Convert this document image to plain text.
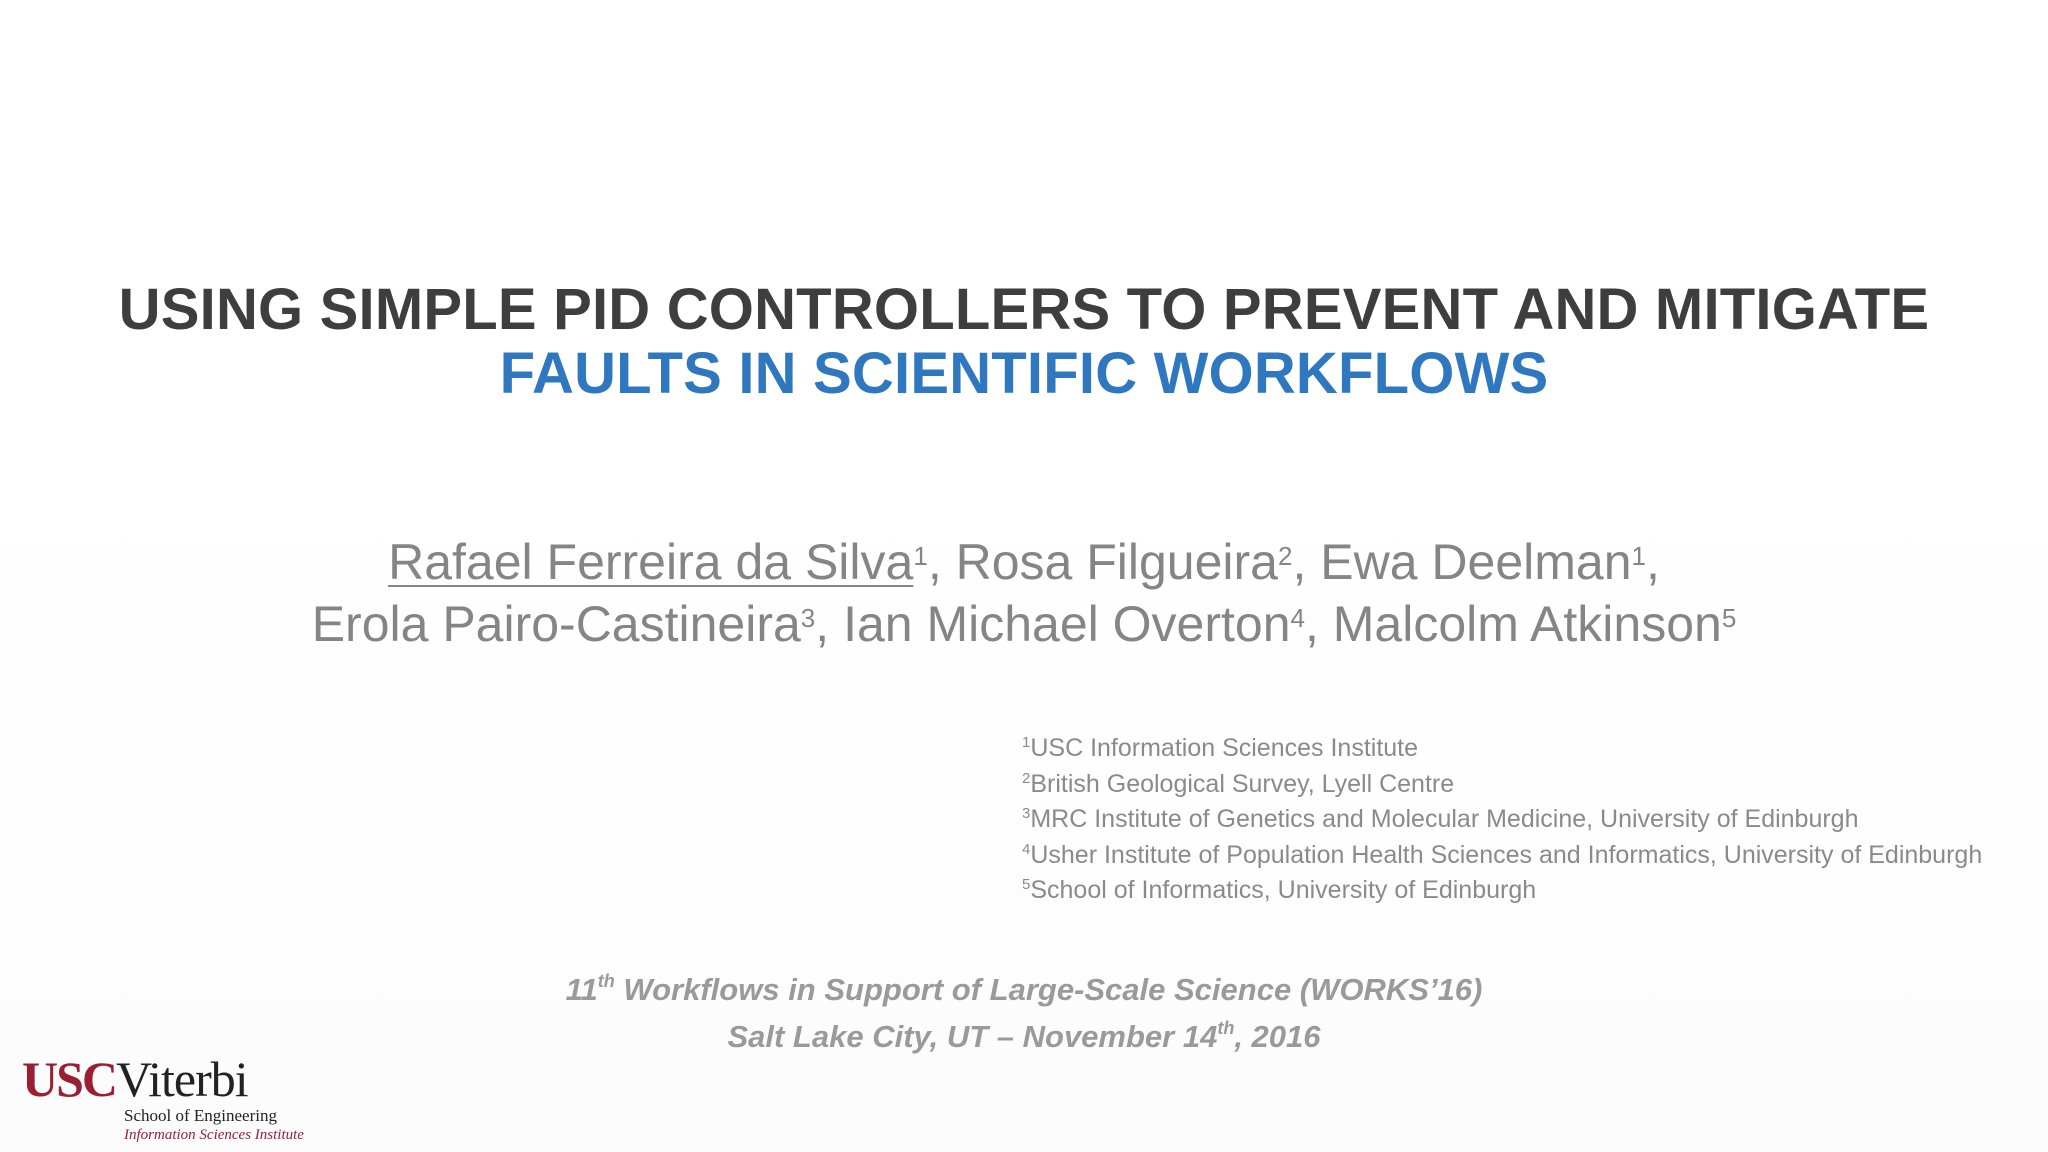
USING SIMPLE PID CONTROLLERS TO PREVENT AND MITIGATE
FAULTS IN SCIENTIFIC WORKFLOWS
Rafael Ferreira da Silva$^1$, Rosa Filgueira$^2$, Ewa Deelman$^1$,
Erola Pairo-Castineira$^3$, Ian Michael Overton$^4$, Malcolm Atkinson$^5$
$^1$USC Information Sciences Institute
$^2$British Geological Survey, Lyell Centre
$^3$MRC Institute of Genetics and Molecular Medicine, University of Edinburgh
$^4$Usher Institute of Population Health Sciences and Informatics, University of Edinburgh
$^5$School of Informatics, University of Edinburgh
11th Workflows in Support of Large-Scale Science (WORKS’16)
Salt Lake City, UT – November 14th, 2016
USCViterbi
School of Engineering
Information Sciences Institute
